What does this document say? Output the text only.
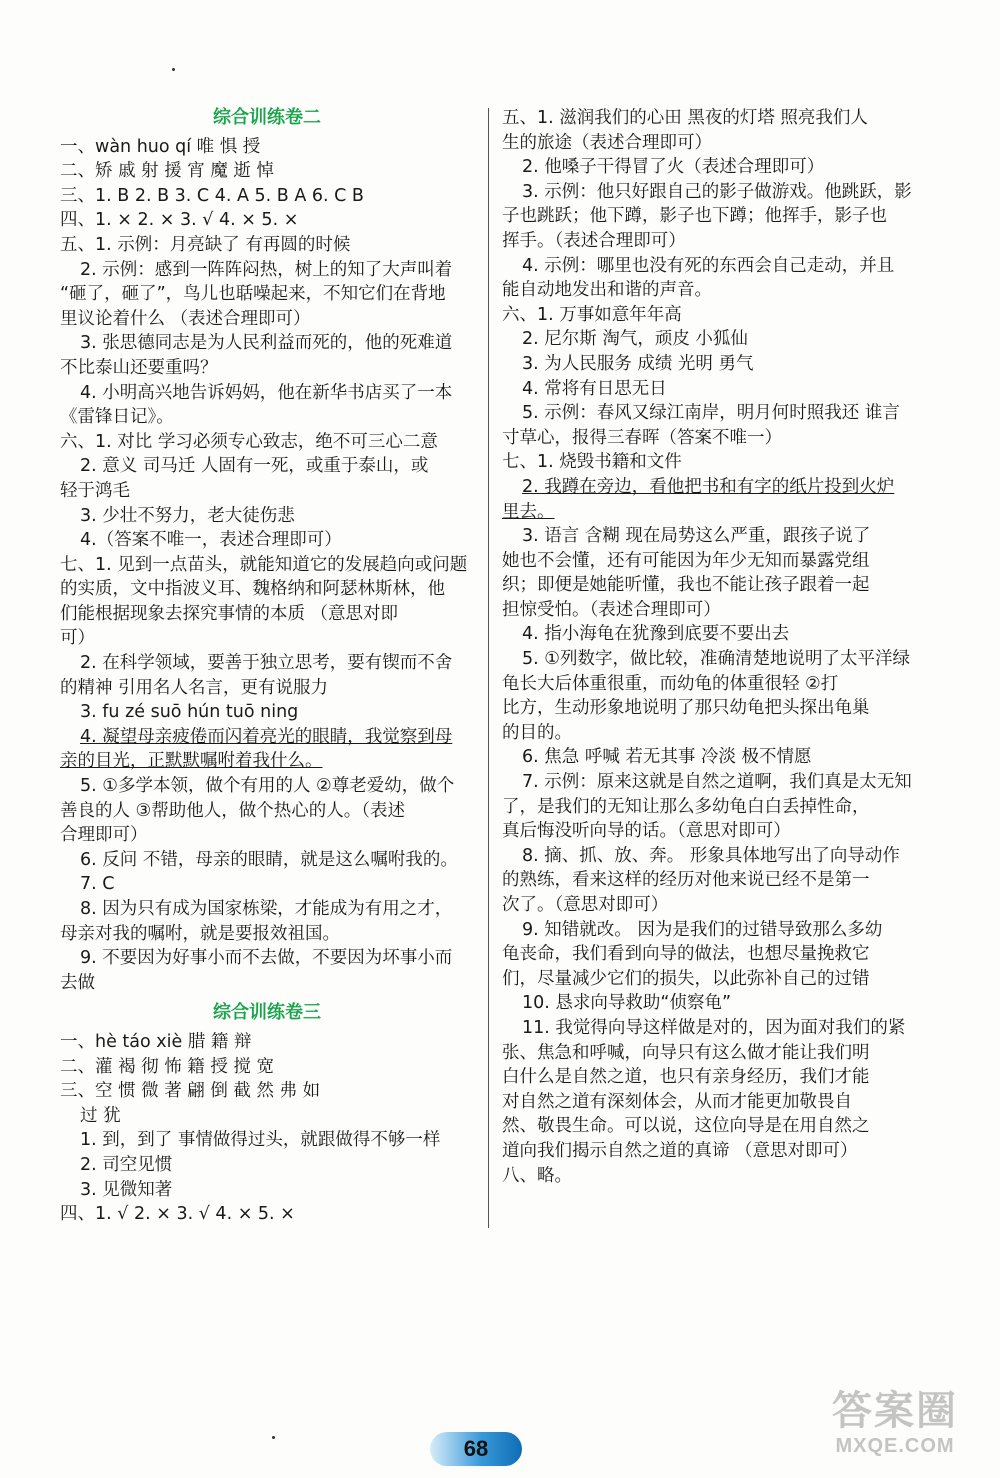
综合训练卷二
一、wàn huo qí 唯 惧 授
二、矫 戚 射 援 宵 魔 逝 悼
三、1. B 2. B 3. C 4. A 5. B A 6. C B
四、1. × 2. × 3. √ 4. × 5. ×
五、1. 示例：月亮缺了 有再圆的时候
2. 示例：感到一阵阵闷热，树上的知了大声叫着
“砸了，砸了”，鸟儿也聒噪起来，不知它们在背地
里议论着什么 （表述合理即可）
3. 张思德同志是为人民利益而死的，他的死难道
不比泰山还要重吗？
4. 小明高兴地告诉妈妈，他在新华书店买了一本
《雷锋日记》。
六、1. 对比 学习必须专心致志，绝不可三心二意
2. 意义 司马迁 人固有一死，或重于泰山，或
轻于鸿毛
3. 少壮不努力，老大徒伤悲
4.（答案不唯一，表述合理即可）
七、1. 见到一点苗头，就能知道它的发展趋向或问题
的实质，文中指波义耳、魏格纳和阿瑟林斯林，他
们能根据现象去探究事情的本质 （意思对即
可）
2. 在科学领域，要善于独立思考，要有锲而不舍
的精神 引用名人名言，更有说服力
3. fu zé suō hún tuō ning
4. 凝望母亲疲倦而闪着亮光的眼睛，我觉察到母
亲的目光，正默默嘱咐着我什么。
5. ①多学本领，做个有用的人 ②尊老爱幼，做个
善良的人 ③帮助他人，做个热心的人。（表述
合理即可）
6. 反问 不错，母亲的眼睛，就是这么嘱咐我的。
7. C
8. 因为只有成为国家栋梁，才能成为有用之才，
母亲对我的嘱咐，就是要报效祖国。
9. 不要因为好事小而不去做，不要因为坏事小而
去做
综合训练卷三
一、hè táo xiè 腊 籍 辩
二、灌 褐 彻 怖 籍 授 搅 宽
三、空 惯 微 著 翩 倒 截 然 弗 如
过 犹
1. 到，到了 事情做得过头，就跟做得不够一样
2. 司空见惯
3. 见微知著
四、1. √ 2. × 3. √ 4. × 5. ×
五、1. 滋润我们的心田 黑夜的灯塔 照亮我们人
生的旅途（表述合理即可）
2. 他嗓子干得冒了火（表述合理即可）
3. 示例：他只好跟自己的影子做游戏。他跳跃，影
子也跳跃；他下蹲，影子也下蹲；他挥手，影子也
挥手。（表述合理即可）
4. 示例：哪里也没有死的东西会自己走动，并且
能自动地发出和谐的声音。
六、1. 万事如意年年高
2. 尼尔斯 淘气，顽皮 小狐仙
3. 为人民服务 成绩 光明 勇气
4. 常将有日思无日
5. 示例：春风又绿江南岸，明月何时照我还 谁言
寸草心，报得三春晖（答案不唯一）
七、1. 烧毁书籍和文件
2. 我蹲在旁边，看他把书和有字的纸片投到火炉
里去。
3. 语言 含糊 现在局势这么严重，跟孩子说了
她也不会懂，还有可能因为年少无知而暴露党组
织；即便是她能听懂，我也不能让孩子跟着一起
担惊受怕。（表述合理即可）
4. 指小海龟在犹豫到底要不要出去
5. ①列数字，做比较，准确清楚地说明了太平洋绿
龟长大后体重很重，而幼龟的体重很轻 ②打
比方，生动形象地说明了那只幼龟把头探出龟巢
的目的。
6. 焦急 呼喊 若无其事 冷淡 极不情愿
7. 示例：原来这就是自然之道啊，我们真是太无知
了，是我们的无知让那么多幼龟白白丢掉性命，
真后悔没听向导的话。（意思对即可）
8. 摘、抓、放、奔。 形象具体地写出了向导动作
的熟练，看来这样的经历对他来说已经不是第一
次了。（意思对即可）
9. 知错就改。 因为是我们的过错导致那么多幼
龟丧命，我们看到向导的做法，也想尽量挽救它
们，尽量减少它们的损失，以此弥补自己的过错
10. 恳求向导救助“侦察龟”
11. 我觉得向导这样做是对的，因为面对我们的紧
张、焦急和呼喊，向导只有这么做才能让我们明
白什么是自然之道，也只有亲身经历，我们才能
对自然之道有深刻体会，从而才能更加敬畏自
然、敬畏生命。可以说，这位向导是在用自然之
道向我们揭示自然之道的真谛 （意思对即可）
八、略。
68
答案圈
MXQE.COM
